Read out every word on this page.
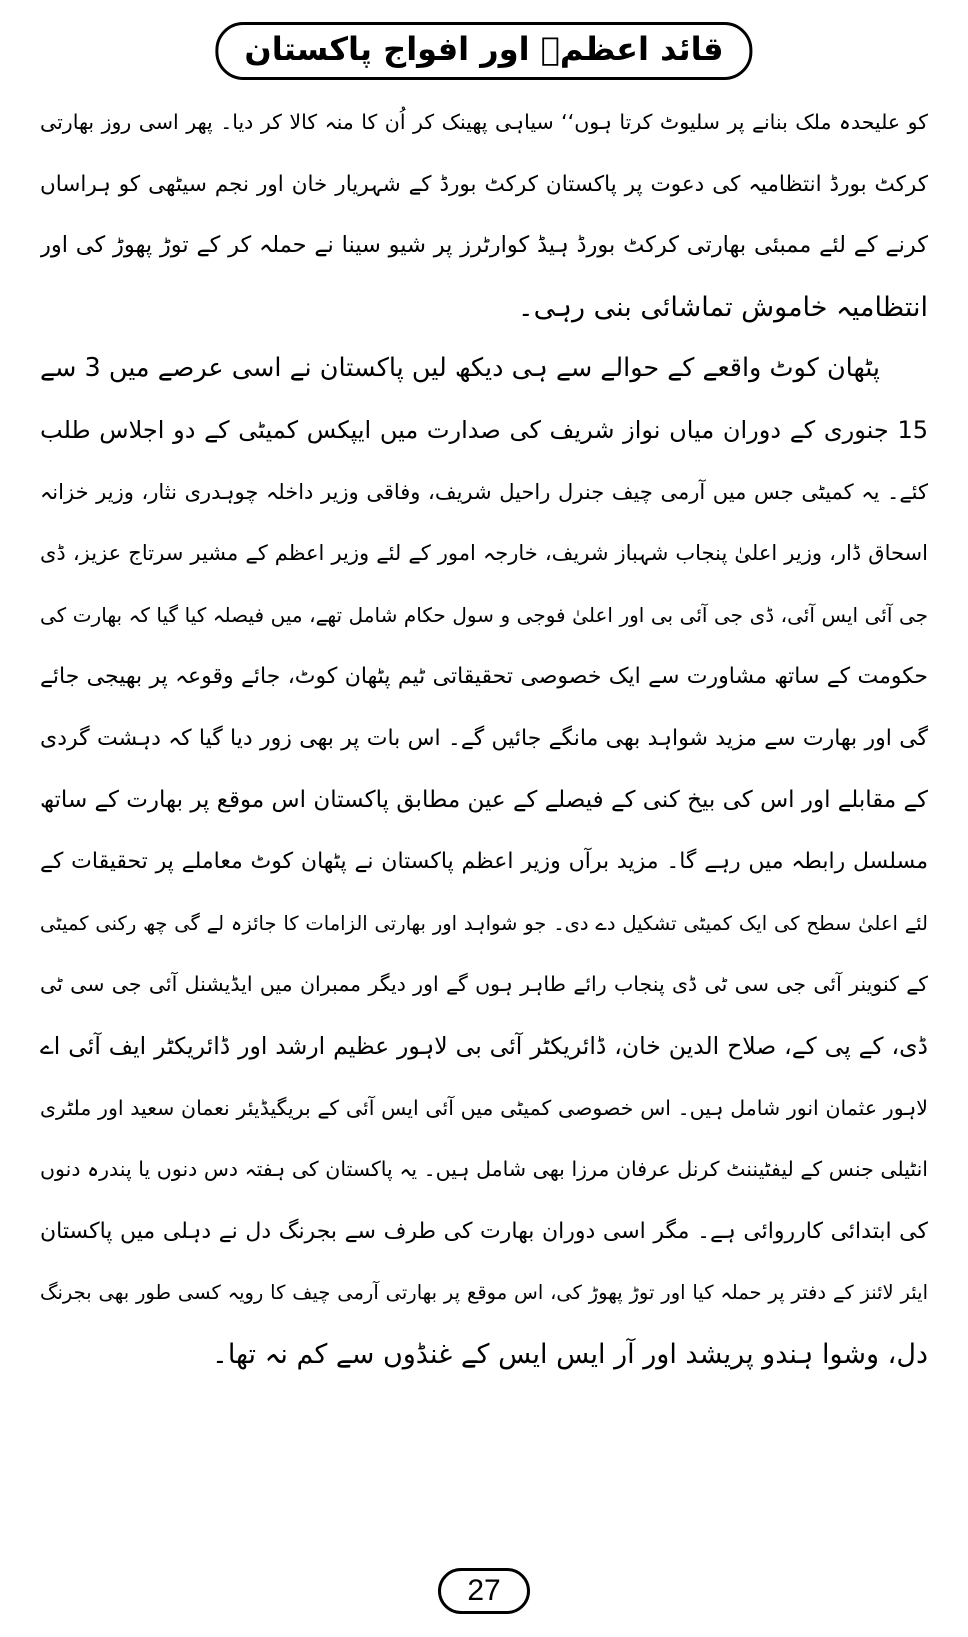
قائد اعظمؒ اور افواج پاکستان
کو علیحدہ ملک بنانے پر سلیوٹ کرتا ہوں‘‘ سیاہی پھینک کر اُن کا منہ کالا کر دیا۔ پھر اسی روز بھارتی
کرکٹ بورڈ انتظامیہ کی دعوت پر پاکستان کرکٹ بورڈ کے شہریار خان اور نجم سیٹھی کو ہراساں
کرنے کے لئے ممبئی بھارتی کرکٹ بورڈ ہیڈ کوارٹرز پر شیو سینا نے حملہ کر کے توڑ پھوڑ کی اور
انتظامیہ خاموش تماشائی بنی رہی۔
پٹھان کوٹ واقعے کے حوالے سے ہی دیکھ لیں پاکستان نے اسی عرصے میں 3 سے
15 جنوری کے دوران میاں نواز شریف کی صدارت میں ایپکس کمیٹی کے دو اجلاس طلب
کئے۔ یہ کمیٹی جس میں آرمی چیف جنرل راحیل شریف، وفاقی وزیر داخلہ چوہدری نثار، وزیر خزانہ
اسحاق ڈار، وزیر اعلیٰ پنجاب شہباز شریف، خارجہ امور کے لئے وزیر اعظم کے مشیر سرتاج عزیز، ڈی
جی آئی ایس آئی، ڈی جی آئی بی اور اعلیٰ فوجی و سول حکام شامل تھے، میں فیصلہ کیا گیا کہ بھارت کی
حکومت کے ساتھ مشاورت سے ایک خصوصی تحقیقاتی ٹیم پٹھان کوٹ، جائے وقوعہ پر بھیجی جائے
گی اور بھارت سے مزید شواہد بھی مانگے جائیں گے۔ اس بات پر بھی زور دیا گیا کہ دہشت گردی
کے مقابلے اور اس کی بیخ کنی کے فیصلے کے عین مطابق پاکستان اس موقع پر بھارت کے ساتھ
مسلسل رابطہ میں رہے گا۔ مزید برآں وزیر اعظم پاکستان نے پٹھان کوٹ معاملے پر تحقیقات کے
لئے اعلیٰ سطح کی ایک کمیٹی تشکیل دے دی۔ جو شواہد اور بھارتی الزامات کا جائزہ لے گی چھ رکنی کمیٹی
کے کنوینر آئی جی سی ٹی ڈی پنجاب رائے طاہر ہوں گے اور دیگر ممبران میں ایڈیشنل آئی جی سی ٹی
ڈی، کے پی کے، صلاح الدین خان، ڈائریکٹر آئی بی لاہور عظیم ارشد اور ڈائریکٹر ایف آئی اے
لاہور عثمان انور شامل ہیں۔ اس خصوصی کمیٹی میں آئی ایس آئی کے بریگیڈیئر نعمان سعید اور ملٹری
انٹیلی جنس کے لیفٹیننٹ کرنل عرفان مرزا بھی شامل ہیں۔ یہ پاکستان کی ہفتہ دس دنوں یا پندرہ دنوں
کی ابتدائی کارروائی ہے۔ مگر اسی دوران بھارت کی طرف سے بجرنگ دل نے دہلی میں پاکستان
ایئر لائنز کے دفتر پر حملہ کیا اور توڑ پھوڑ کی، اس موقع پر بھارتی آرمی چیف کا رویہ کسی طور بھی بجرنگ
دل، وشوا ہندو پریشد اور آر ایس ایس کے غنڈوں سے کم نہ تھا۔
27
